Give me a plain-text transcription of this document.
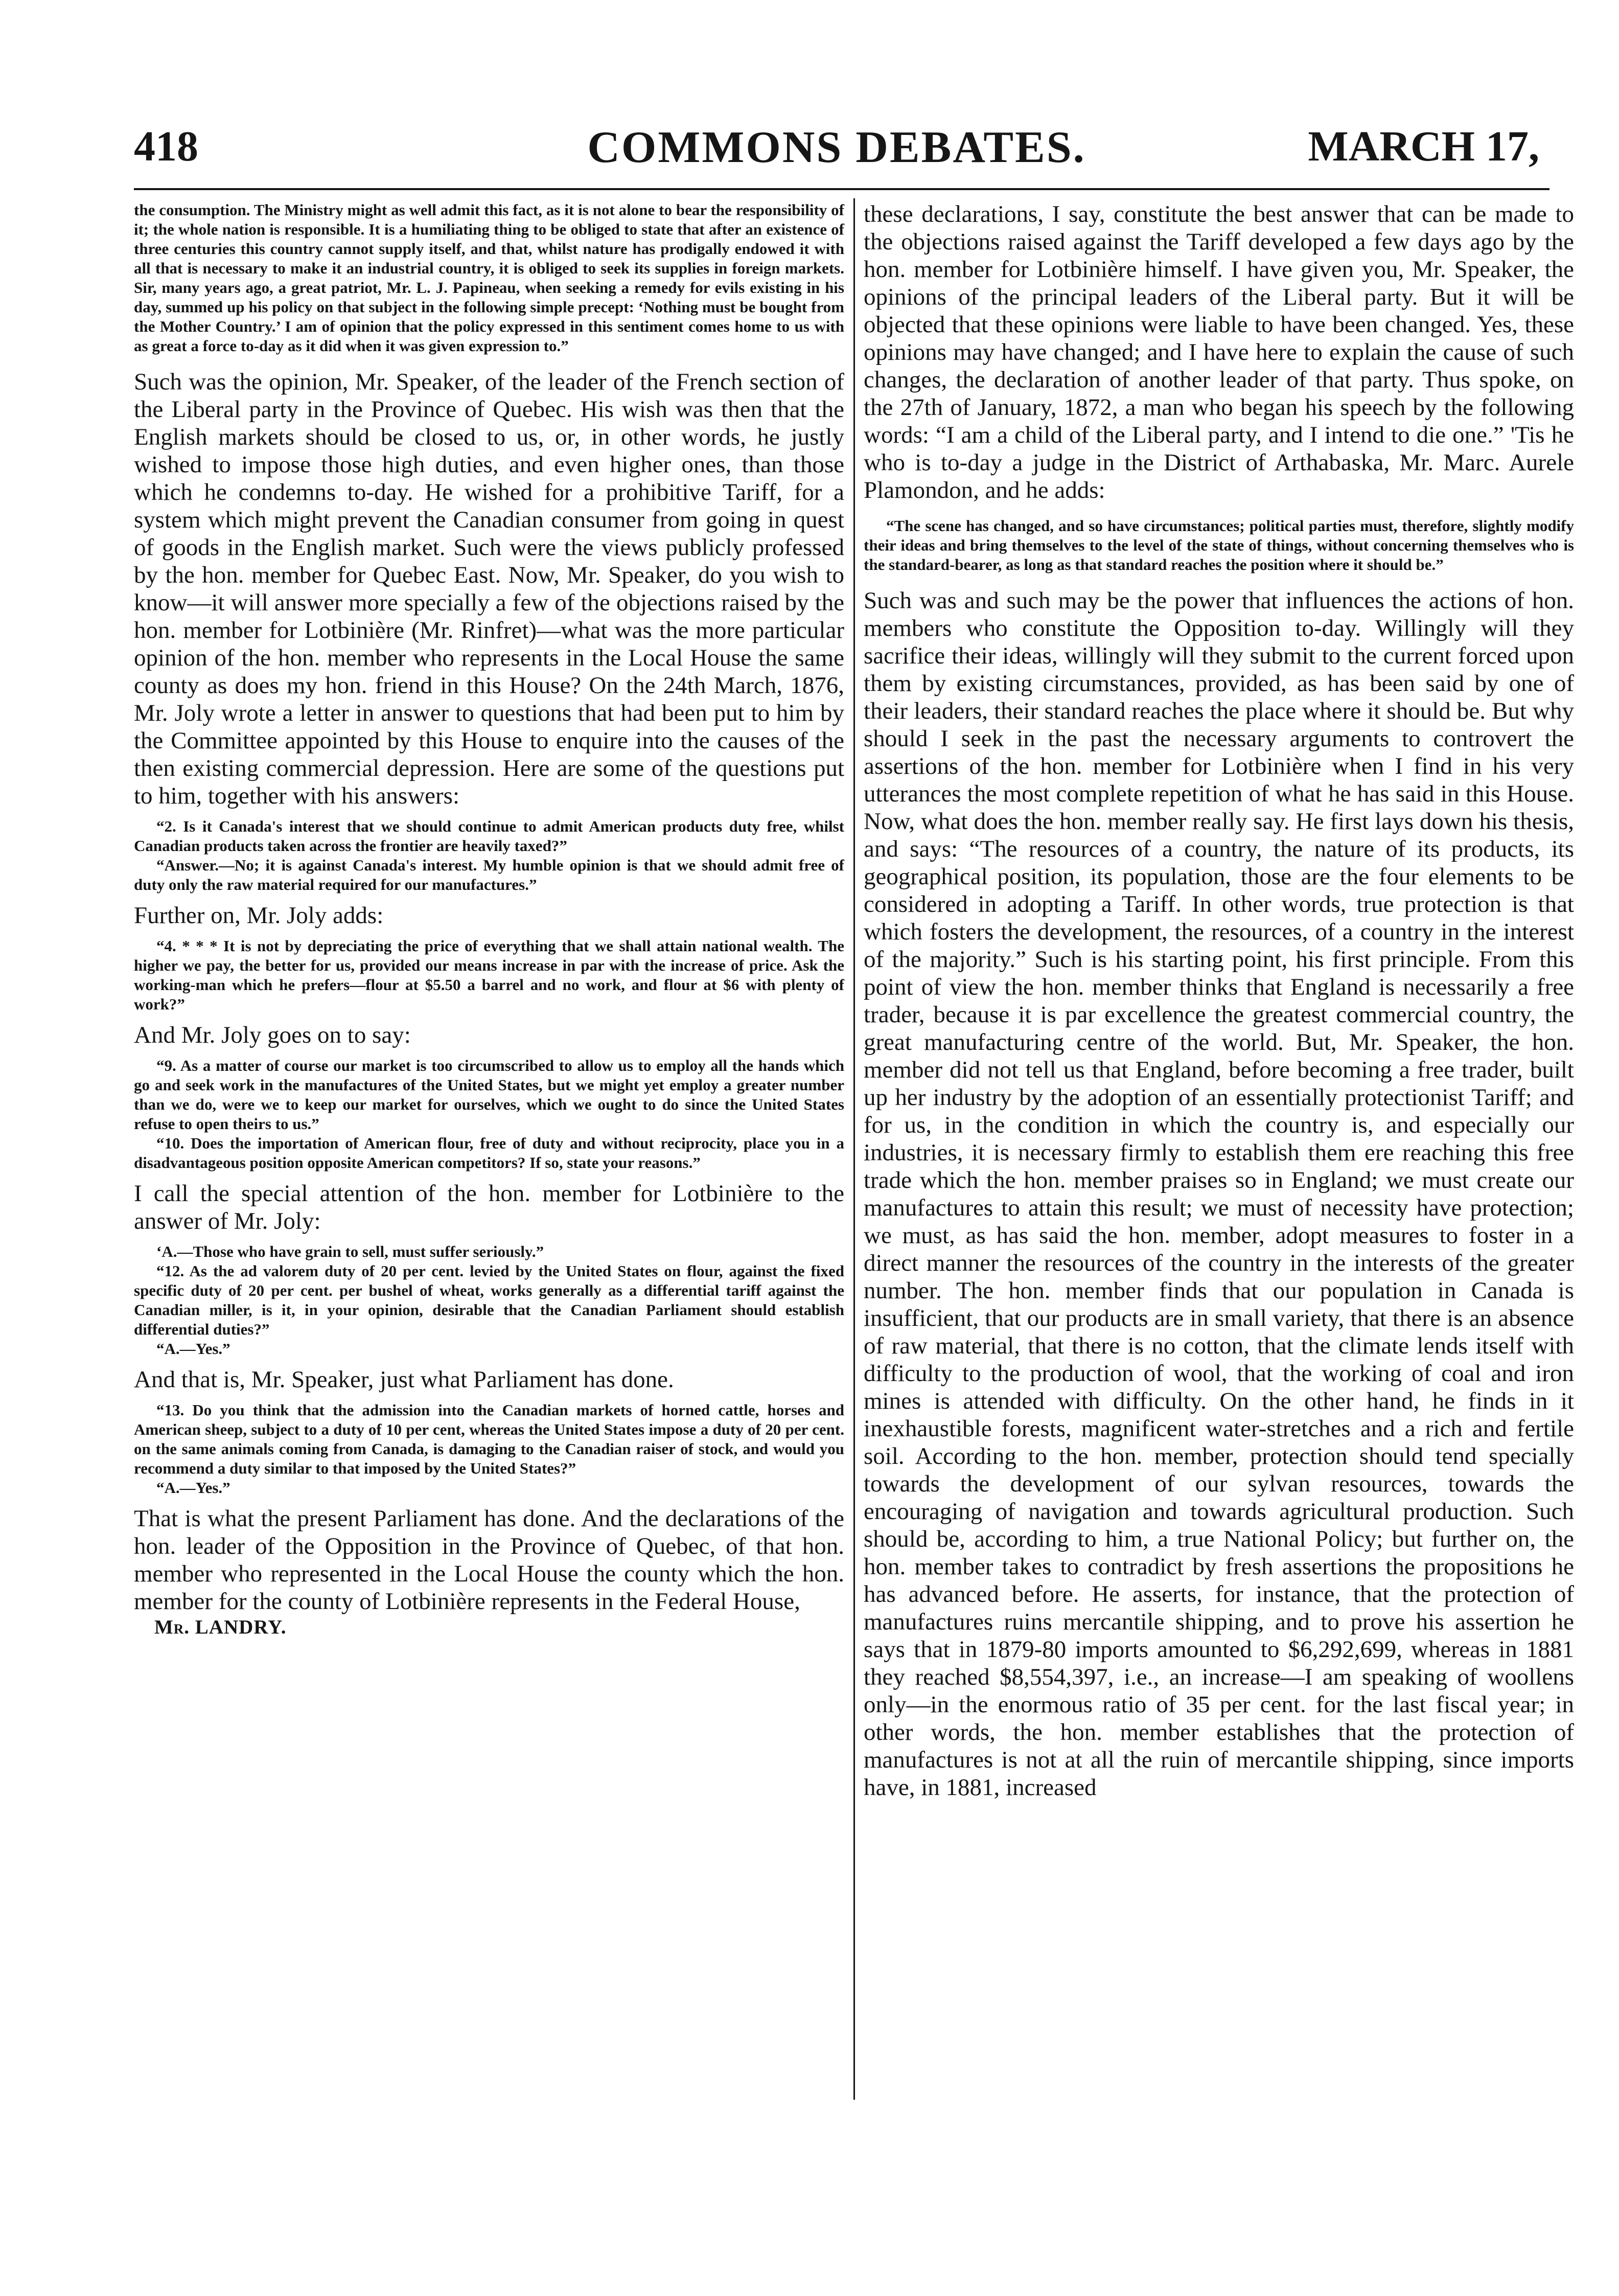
418	COMMONS DEBATES.	MARCH 17,

the consumption. The Ministry might as well admit this fact, as it is not alone to bear the responsibility of it; the whole nation is responsible. It is a humiliating thing to be obliged to state that after an existence of three centuries this country cannot supply itself, and that, whilst nature has prodigally endowed it with all that is necessary to make it an industrial country, it is obliged to seek its supplies in foreign markets. Sir, many years ago, a great patriot, Mr. L. J. Papineau, when seeking a remedy for evils existing in his day, summed up his policy on that subject in the following simple precept: ‘Nothing must be bought from the Mother Country.’ I am of opinion that the policy expressed in this sentiment comes home to us with as great a force to-day as it did when it was given expression to.”

Such was the opinion, Mr. Speaker, of the leader of the French section of the Liberal party in the Province of Quebec. His wish was then that the English markets should be closed to us, or, in other words, he justly wished to impose those high duties, and even higher ones, than those which he condemns to-day. He wished for a prohibitive Tariff, for a system which might prevent the Canadian consumer from going in quest of goods in the English market. Such were the views publicly professed by the hon. member for Quebec East. Now, Mr. Speaker, do you wish to know—it will answer more specially a few of the objections raised by the hon. member for Lotbinière (Mr. Rinfret)—what was the more particular opinion of the hon. member who represents in the Local House the same county as does my hon. friend in this House? On the 24th March, 1876, Mr. Joly wrote a letter in answer to questions that had been put to him by the Committee appointed by this House to enquire into the causes of the then existing commercial depression. Here are some of the questions put to him, together with his answers:

“2. Is it Canada's interest that we should continue to admit American products duty free, whilst Canadian products taken across the frontier are heavily taxed?”

“Answer.—No; it is against Canada's interest. My humble opinion is that we should admit free of duty only the raw material required for our manufactures.”

Further on, Mr. Joly adds:

“4. * * * It is not by depreciating the price of everything that we shall attain national wealth. The higher we pay, the better for us, provided our means increase in par with the increase of price. Ask the working-man which he prefers—flour at $5.50 a barrel and no work, and flour at $6 with plenty of work?”

And Mr. Joly goes on to say:

“9. As a matter of course our market is too circumscribed to allow us to employ all the hands which go and seek work in the manufactures of the United States, but we might yet employ a greater number than we do, were we to keep our market for ourselves, which we ought to do since the United States refuse to open theirs to us.”

“10. Does the importation of American flour, free of duty and without reciprocity, place you in a disadvantageous position opposite American competitors? If so, state your reasons.”

I call the special attention of the hon. member for Lotbinière to the answer of Mr. Joly:

‘A.—Those who have grain to sell, must suffer seriously.”

“12. As the ad valorem duty of 20 per cent. levied by the United States on flour, against the fixed specific duty of 20 per cent. per bushel of wheat, works generally as a differential tariff against the Canadian miller, is it, in your opinion, desirable that the Canadian Parliament should establish differential duties?”

“A.—Yes.”

And that is, Mr. Speaker, just what Parliament has done.

“13. Do you think that the admission into the Canadian markets of horned cattle, horses and American sheep, subject to a duty of 10 per cent, whereas the United States impose a duty of 20 per cent. on the same animals coming from Canada, is damaging to the Canadian raiser of stock, and would you recommend a duty similar to that imposed by the United States?”

“A.—Yes.”

That is what the present Parliament has done. And the declarations of the hon. leader of the Opposition in the Province of Quebec, of that hon. member who represented in the Local House the county which the hon. member for the county of Lotbinière represents in the Federal House,

Mr. LANDRY.

these declarations, I say, constitute the best answer that can be made to the objections raised against the Tariff developed a few days ago by the hon. member for Lotbinière himself. I have given you, Mr. Speaker, the opinions of the principal leaders of the Liberal party. But it will be objected that these opinions were liable to have been changed. Yes, these opinions may have changed; and I have here to explain the cause of such changes, the declaration of another leader of that party. Thus spoke, on the 27th of January, 1872, a man who began his speech by the following words: “I am a child of the Liberal party, and I intend to die one.” 'Tis he who is to-day a judge in the District of Arthabaska, Mr. Marc. Aurele Plamondon, and he adds:

“The scene has changed, and so have circumstances; political parties must, therefore, slightly modify their ideas and bring themselves to the level of the state of things, without concerning themselves who is the standard-bearer, as long as that standard reaches the position where it should be.”

Such was and such may be the power that influences the actions of hon. members who constitute the Opposition to-day. Willingly will they sacrifice their ideas, willingly will they submit to the current forced upon them by existing circumstances, provided, as has been said by one of their leaders, their standard reaches the place where it should be. But why should I seek in the past the necessary arguments to controvert the assertions of the hon. member for Lotbinière when I find in his very utterances the most complete repetition of what he has said in this House. Now, what does the hon. member really say. He first lays down his thesis, and says: “The resources of a country, the nature of its products, its geographical position, its population, those are the four elements to be considered in adopting a Tariff. In other words, true protection is that which fosters the development, the resources, of a country in the interest of the majority.” Such is his starting point, his first principle. From this point of view the hon. member thinks that England is necessarily a free trader, because it is par excellence the greatest commercial country, the great manufacturing centre of the world. But, Mr. Speaker, the hon. member did not tell us that England, before becoming a free trader, built up her industry by the adoption of an essentially protectionist Tariff; and for us, in the condition in which the country is, and especially our industries, it is necessary firmly to establish them ere reaching this free trade which the hon. member praises so in England; we must create our manufactures to attain this result; we must of necessity have protection; we must, as has said the hon. member, adopt measures to foster in a direct manner the resources of the country in the interests of the greater number. The hon. member finds that our population in Canada is insufficient, that our products are in small variety, that there is an absence of raw material, that there is no cotton, that the climate lends itself with difficulty to the production of wool, that the working of coal and iron mines is attended with difficulty. On the other hand, he finds in it inexhaustible forests, magnificent water-stretches and a rich and fertile soil. According to the hon. member, protection should tend specially towards the development of our sylvan resources, towards the encouraging of navigation and towards agricultural production. Such should be, according to him, a true National Policy; but further on, the hon. member takes to contradict by fresh assertions the propositions he has advanced before. He asserts, for instance, that the protection of manufactures ruins mercantile shipping, and to prove his assertion he says that in 1879-80 imports amounted to $6,292,699, whereas in 1881 they reached $8,554,397, i.e., an increase—I am speaking of woollens only—in the enormous ratio of 35 per cent. for the last fiscal year; in other words, the hon. member establishes that the protection of manufactures is not at all the ruin of mercantile shipping, since imports have, in 1881, increased
